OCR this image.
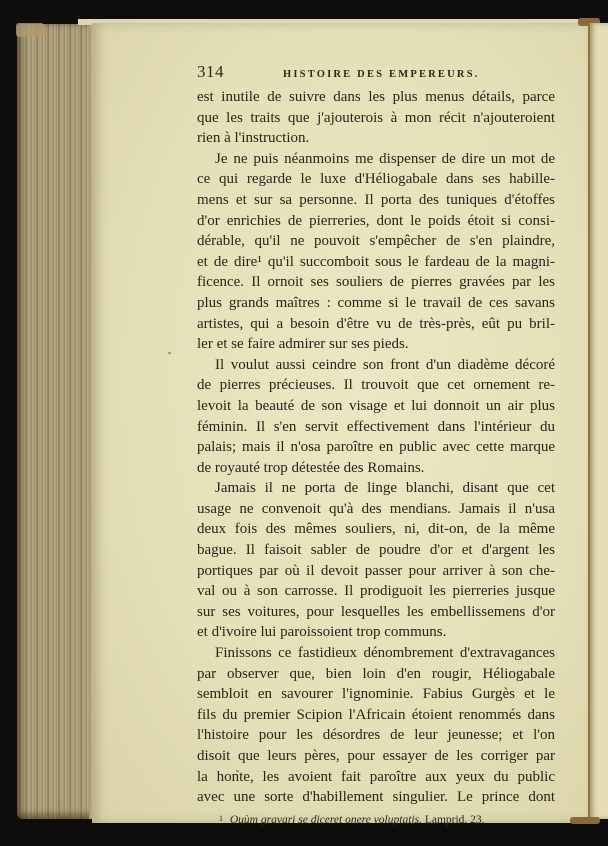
314	HISTOIRE DES EMPEREURS.

est inutile de suivre dans les plus menus détails, parce
que les traits que j'ajouterois à mon récit n'ajouteroient
rien à l'instruction.

Je ne puis néanmoins me dispenser de dire un mot de
ce qui regarde le luxe d'Héliogabale dans ses habille-
mens et sur sa personne. Il porta des tuniques d'étoffes
d'or enrichies de pierreries, dont le poids étoit si consi-
dérable, qu'il ne pouvoit s'empêcher de s'en plaindre,
et de dire¹ qu'il succomboit sous le fardeau de la magni-
ficence. Il ornoit ses souliers de pierres gravées par les
plus grands maîtres : comme si le travail de ces savans
artistes, qui a besoin d'être vu de très-près, eût pu bril-
ler et se faire admirer sur ses pieds.

Il voulut aussi ceindre son front d'un diadème décoré
de pierres précieuses. Il trouvoit que cet ornement re-
levoit la beauté de son visage et lui donnoit un air plus
féminin. Il s'en servit effectivement dans l'intérieur du
palais; mais il n'osa paroître en public avec cette marque
de royauté trop détestée des Romains.

Jamais il ne porta de linge blanchi, disant que cet
usage ne convenoit qu'à des mendians. Jamais il n'usa
deux fois des mêmes souliers, ni, dit-on, de la même
bague. Il faisoit sabler de poudre d'or et d'argent les
portiques par où il devoit passer pour arriver à son che-
val ou à son carrosse. Il prodiguoit les pierreries jusque
sur ses voitures, pour lesquelles les embellissemens d'or
et d'ivoire lui paroissoient trop communs.

Finissons ce fastidieux dénombrement d'extravagances
par observer que, bien loin d'en rougir, Héliogabale
sembloit en savourer l'ignominie. Fabius Gurgès et le
fils du premier Scipion l'Africain étoient renommés dans
l'histoire pour les désordres de leur jeunesse; et l'on
disoit que leurs pères, pour essayer de les corriger par
la honte, les avoient fait paroître aux yeux du public
avec une sorte d'habillement singulier. Le prince dont

1 Quùm gravari se diceret onere voluptatis. Lamprid. 23.
